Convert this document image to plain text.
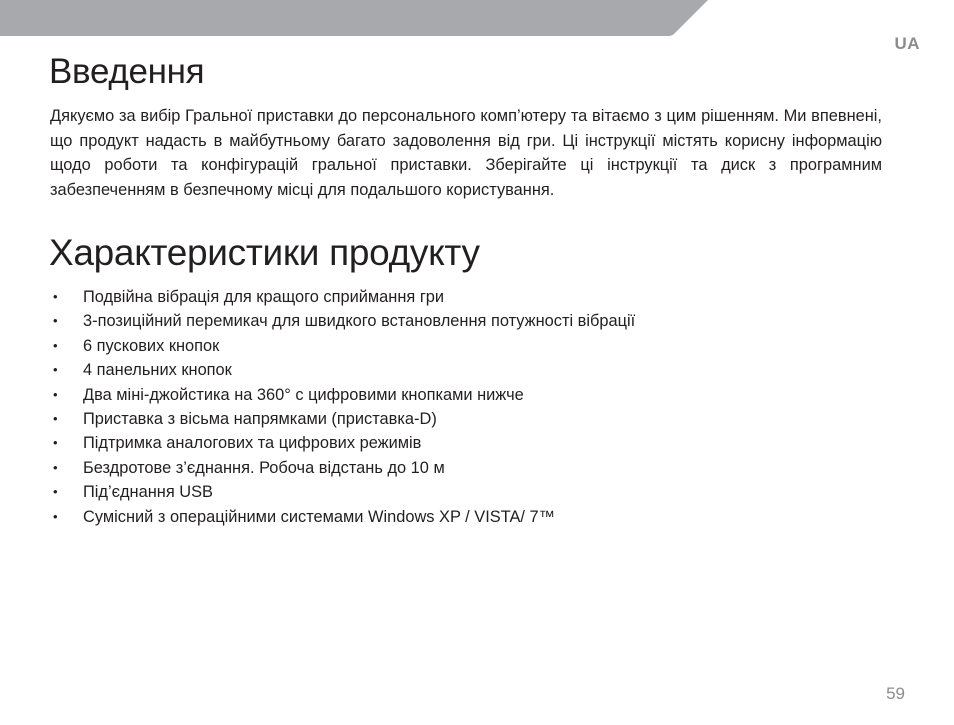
UA
Введення

Дякуємо за вибір Гральної приставки до персонального комп’ютеру та вітаємо з цим рішенням. Ми впевнені, що продукт надасть в майбутньому багато задоволення від гри. Ці інструкції містять корисну інформацію щодо роботи та конфігурацій гральної приставки. Зберігайте ці інструкції та диск з програмним забезпеченням в безпечному місці для подальшого користування.

Характеристики продукту
• Подвійна вібрація для кращого сприймання гри
• 3-позиційний перемикач для швидкого встановлення потужності вібрації
• 6 пускових кнопок
• 4 панельних кнопок
• Два міні-джойстика на 360° с цифровими кнопками нижче
• Приставка з вісьма напрямками (приставка-D)
• Підтримка аналогових та цифрових режимів
• Бездротове з’єднання. Робоча відстань до 10 м
• Під’єднання USB
• Сумісний з операційними системами Windows XP / VISTA/ 7™
59
